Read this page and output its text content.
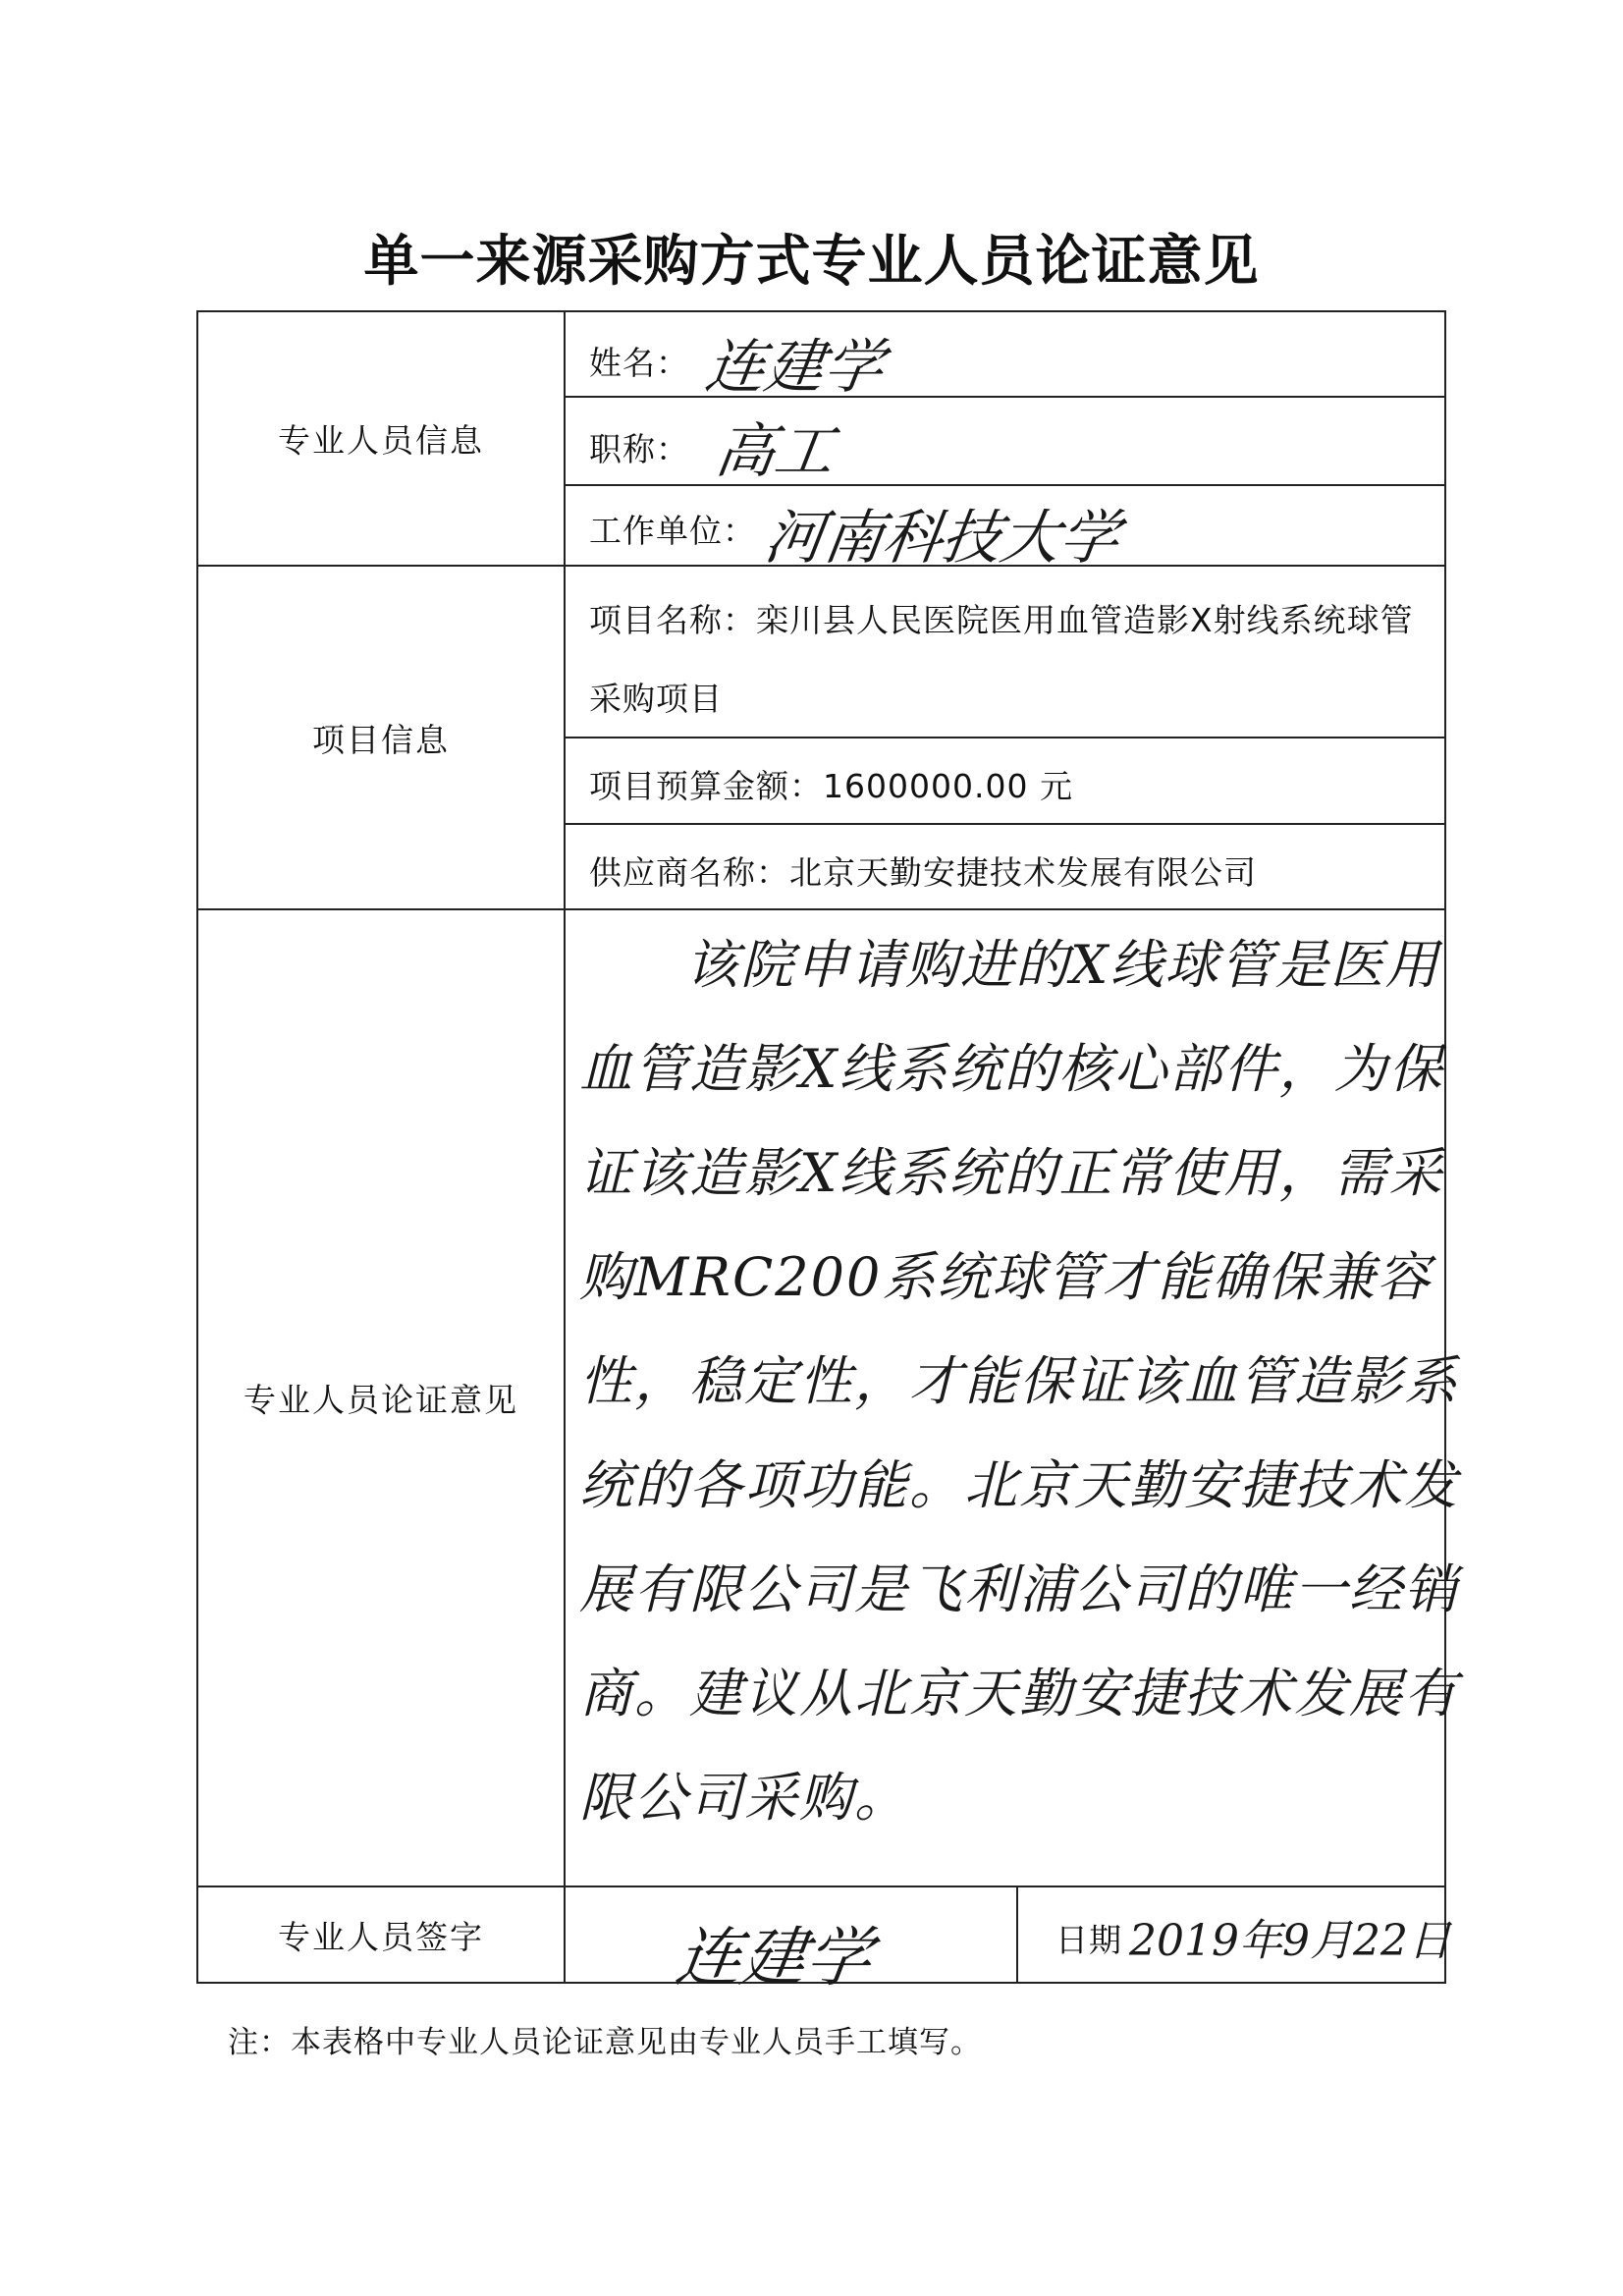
单一来源采购方式专业人员论证意见
专业人员信息
项目信息
专业人员论证意见
专业人员签字
姓名： 连建学
职称： 高工
工作单位： 河南科技大学
项目名称：栾川县人民医院医用血管造影X射线系统球管采购项目
项目预算金额：1600000.00 元
供应商名称：北京天勤安捷技术发展有限公司
该院申请购进的X线球管是医用血管造影X线系统的核心部件，为保证该造影X线系统的正常使用，需采购MRC200系统球管才能确保兼容性，稳定性，才能保证该血管造影系统的各项功能。北京天勤安捷技术发展有限公司是飞利浦公司的唯一经销商。建议从北京天勤安捷技术发展有限公司采购。
连建学	日期 2019年9月22日
注：本表格中专业人员论证意见由专业人员手工填写。
